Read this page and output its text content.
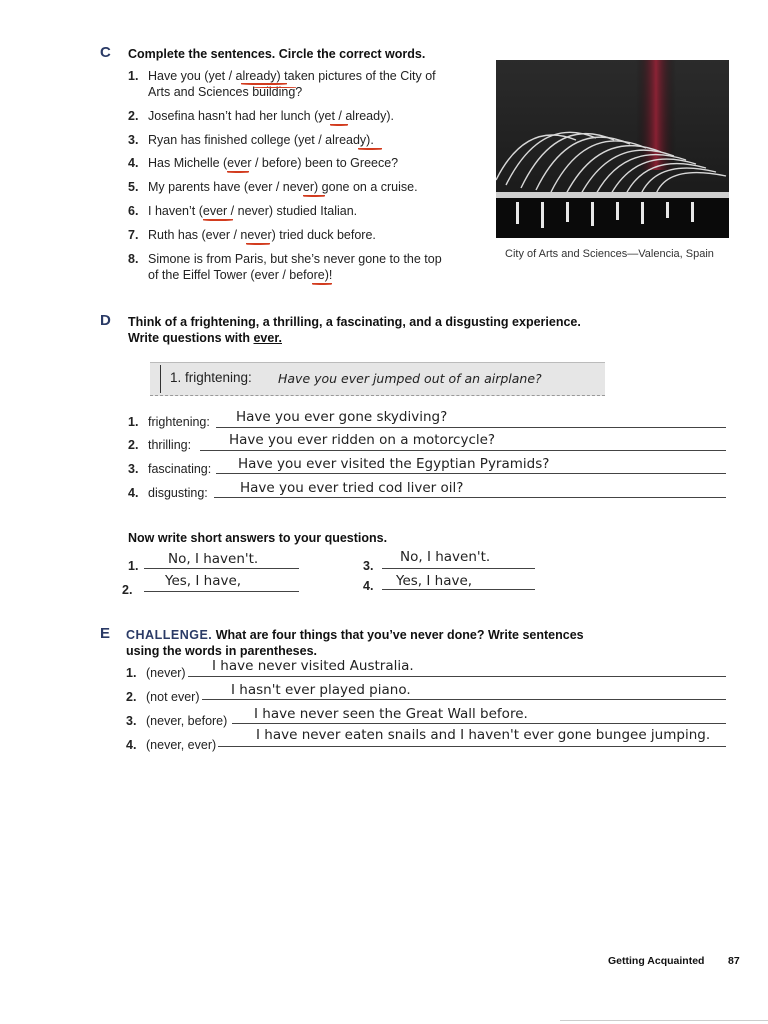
C Complete the sentences. Circle the correct words.
1. Have you (yet / already) taken pictures of the City of
Arts and Sciences building?
2. Josefina hasn’t had her lunch (yet / already).
3. Ryan has finished college (yet / already).
4. Has Michelle (ever / before) been to Greece?
5. My parents have (ever / never) gone on a cruise.
6. I haven’t (ever / never) studied Italian.
7. Ruth has (ever / never) tried duck before.
8. Simone is from Paris, but she’s never gone to the top
of the Eiffel Tower (ever / before)!
City of Arts and Sciences—Valencia, Spain
D Think of a frightening, a thrilling, a fascinating, and a disgusting experience.
Write questions with ever.
1. frightening: Have you ever jumped out of an airplane?
1. frightening: Have you ever gone skydiving?
2. thrilling:	Have you ever ridden on a motorcycle?
3. fascinating: Have you ever visited the Egyptian Pyramids?
4. disgusting: Have you ever tried cod liver oil?
Now write short answers to your questions.
1. No, I haven't.
2.
Yes, I have,
3.
No, I haven't.
4. Yes, I have,
E CHALLENGE. What are four things that you’ve never done? Write sentences
using the words in parentheses.
1. (never) I have never visited Australia.
2. (not ever) I hasn't ever played piano.
3. (never, before) I have never seen the Great Wall before.
4. (never, ever)
I have never eaten snails and I haven't ever gone bungee jumping.
Getting Acquainted 87
